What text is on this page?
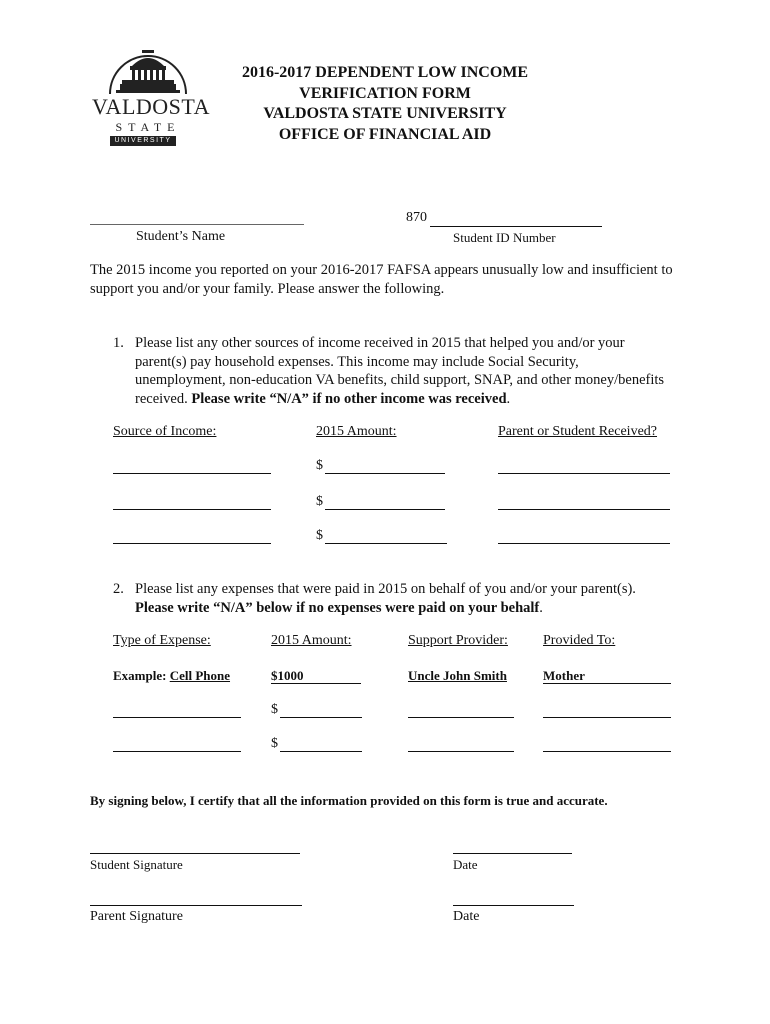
VALDOSTA
STATE
UNIVERSITY
2016-2017 DEPENDENT LOW INCOME
VERIFICATION FORM
VALDOSTA STATE UNIVERSITY
OFFICE OF FINANCIAL AID
Student’s Name
870
Student ID Number
The 2015 income you reported on your 2016-2017 FAFSA appears unusually low and insufficient to support you and/or your family. Please answer the following.
1. Please list any other sources of income received in 2015 that helped you and/or your parent(s) pay household expenses. This income may include Social Security, unemployment, non-education VA benefits, child support, SNAP, and other money/benefits received. Please write “N/A” if no other income was received.
Source of Income:	2015 Amount:	Parent or Student Received?
$
$
$
2. Please list any expenses that were paid in 2015 on behalf of you and/or your parent(s). Please write “N/A” below if no expenses were paid on your behalf.
Type of Expense:	2015 Amount:	Support Provider:	Provided To:
Example: Cell Phone	$1000	Uncle John Smith	Mother
$
$
By signing below, I certify that all the information provided on this form is true and accurate.
Student Signature	Date
Parent Signature	Date
